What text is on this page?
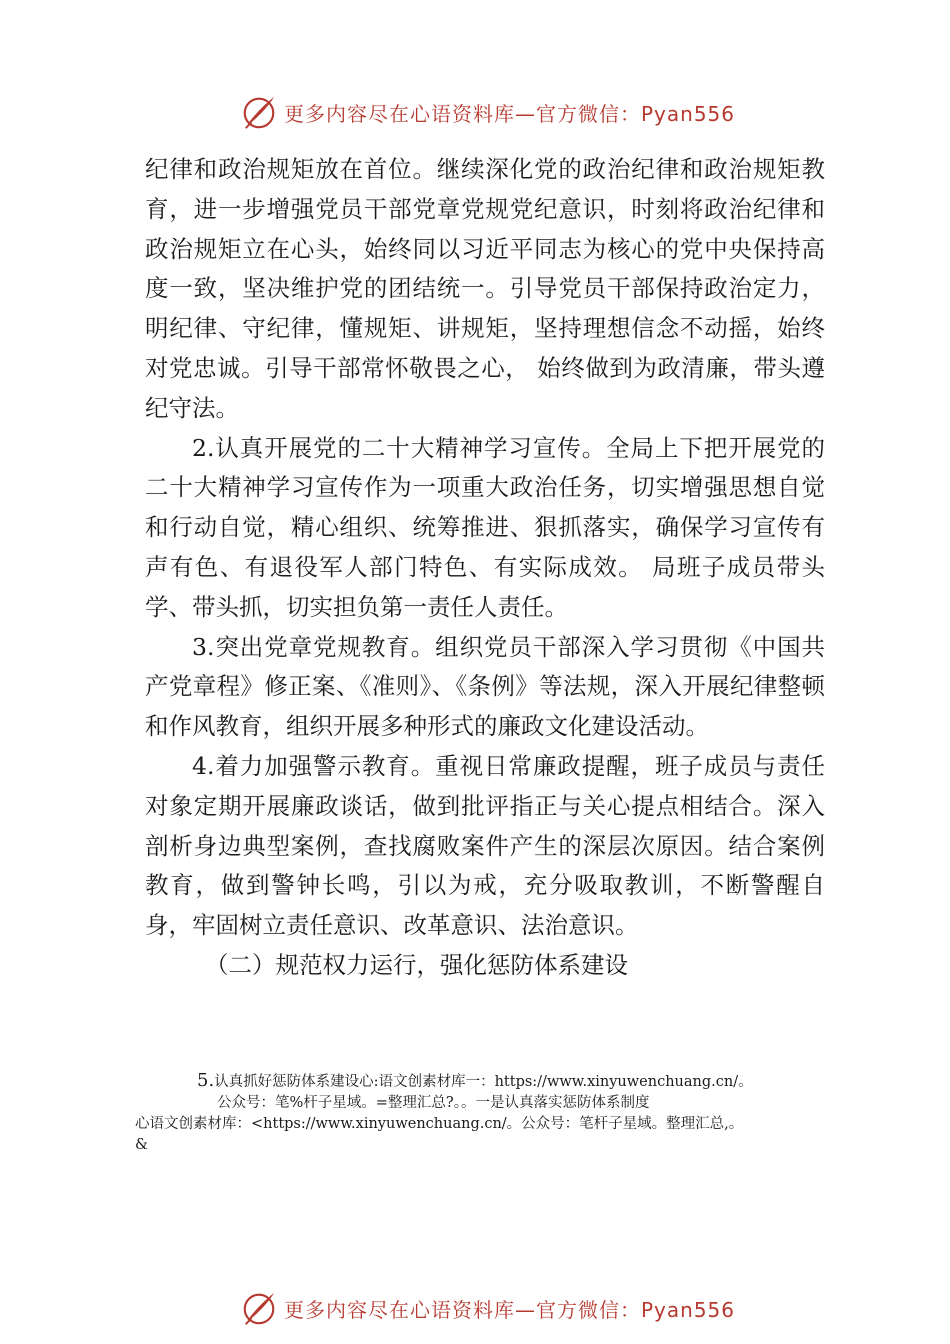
更多内容尽在心语资料库—官方微信：Pyan556

纪律和政治规矩放在首位。继续深化党的政治纪律和政治规矩教育，进一步增强党员干部党章党规党纪意识，时刻将政治纪律和政治规矩立在心头，始终同以习近平同志为核心的党中央保持高度一致，坚决维护党的团结统一。引导党员干部保持政治定力，明纪律、守纪律，懂规矩、讲规矩，坚持理想信念不动摇，始终对党忠诚。引导干部常怀敬畏之心， 始终做到为政清廉，带头遵纪守法。

2.认真开展党的二十大精神学习宣传。全局上下把开展党的二十大精神学习宣传作为一项重大政治任务，切实增强思想自觉和行动自觉，精心组织、统筹推进、狠抓落实，确保学习宣传有声有色、有退役军人部门特色、有实际成效。 局班子成员带头学、带头抓，切实担负第一责任人责任。

3.突出党章党规教育。组织党员干部深入学习贯彻《中国共产党章程》修正案、《准则》、《条例》等法规，深入开展纪律整顿和作风教育，组织开展多种形式的廉政文化建设活动。

4.着力加强警示教育。重视日常廉政提醒，班子成员与责任对象定期开展廉政谈话，做到批评指正与关心提点相结合。深入剖析身边典型案例，查找腐败案件产生的深层次原因。结合案例教育，做到警钟长鸣，引以为戒，充分吸取教训，不断警醒自身，牢固树立责任意识、改革意识、法治意识。

（二）规范权力运行，强化惩防体系建设

5.认真抓好惩防体系建设心:语文创素材库一：https://www.xinyuwenchuang.cn/。
公众号：笔%杆子星域。=整理汇总?。。一是认真落实惩防体系制度
心语文创素材库：<https://www.xinyuwenchuang.cn/。公众号：笔杆子星域。整理汇总,。
&
更多内容尽在心语资料库—官方微信：Pyan556
